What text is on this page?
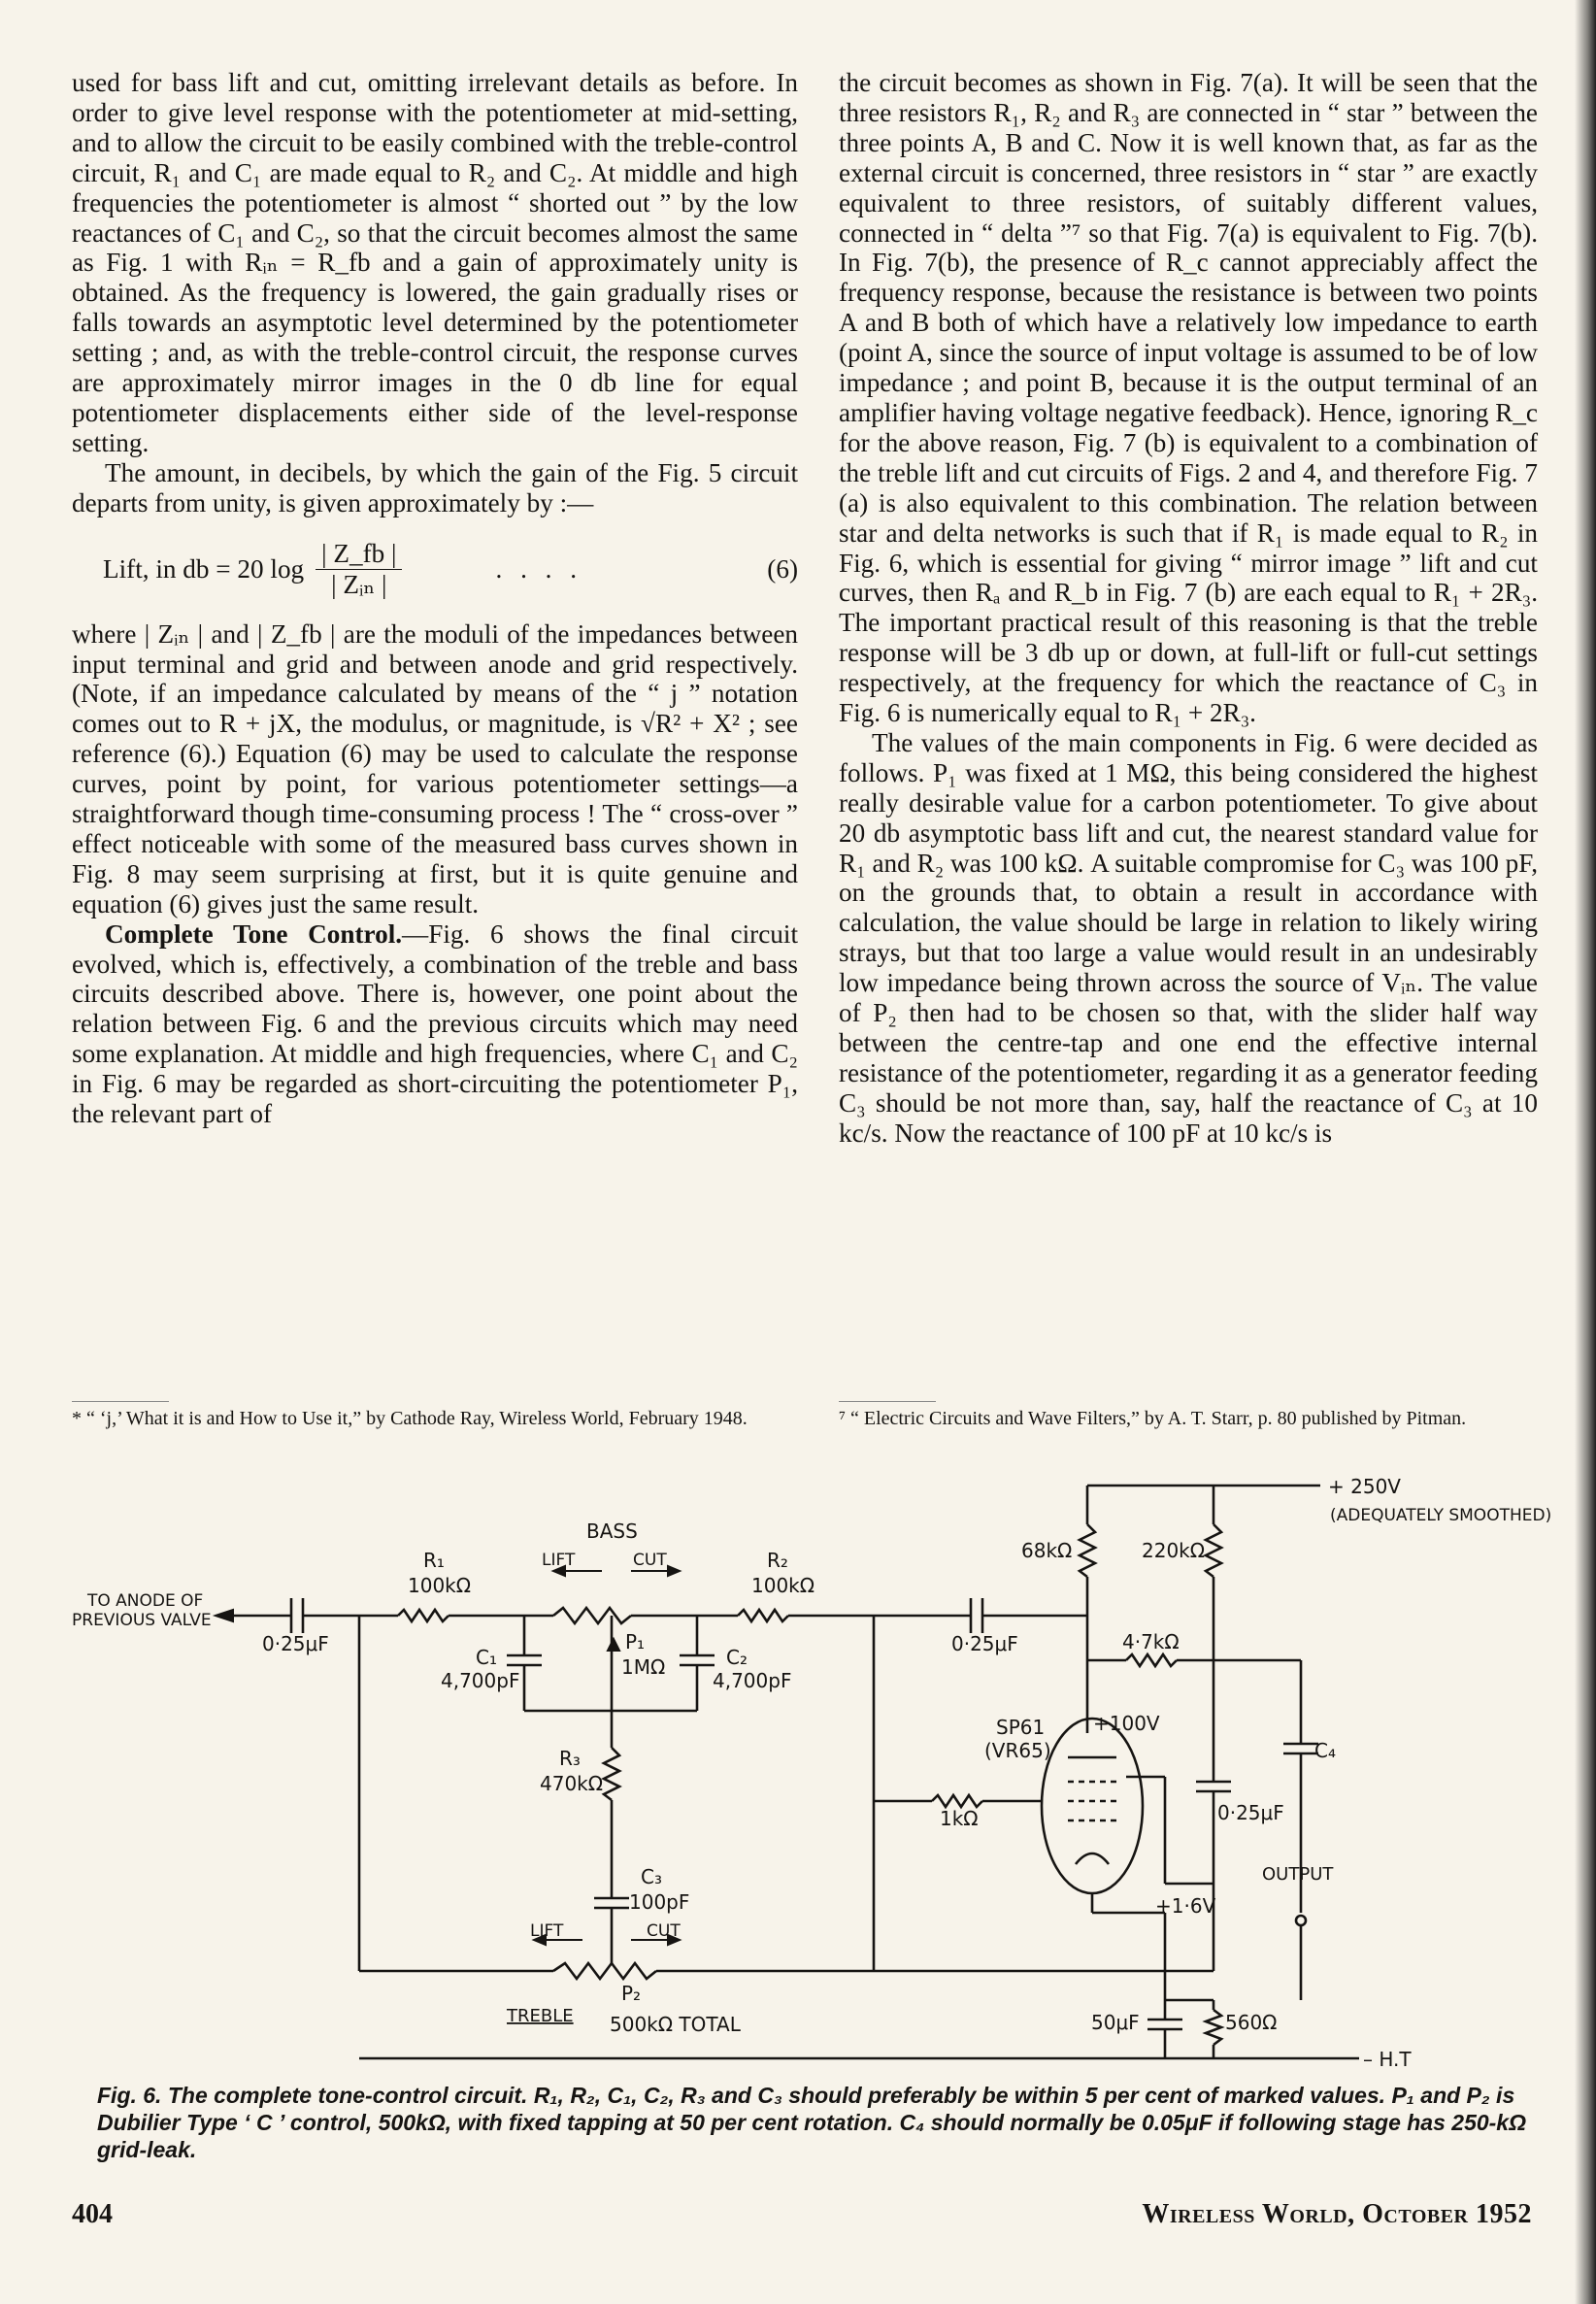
used for bass lift and cut, omitting irrelevant details as before. In order to give level response with the potentiometer at mid-setting, and to allow the circuit to be easily combined with the treble-control circuit, R₁ and C₁ are made equal to R₂ and C₂. At middle and high frequencies the potentiometer is almost “ shorted out ” by the low reactances of C₁ and C₂, so that the circuit becomes almost the same as Fig. 1 with Rᵢₙ = R_fb and a gain of approximately unity is obtained. As the frequency is lowered, the gain gradually rises or falls towards an asymptotic level determined by the potentiometer setting ; and, as with the treble-control circuit, the response curves are approximately mirror images in the 0 db line for equal potentiometer displacements either side of the level-response setting.

The amount, in decibels, by which the gain of the Fig. 5 circuit departs from unity, is given approximately by :—

Lift, in db = 20 $\log \frac{| Z\_fb |}{\text{| Zᵢₙ |}}$	. . . .	(6)

where | Zᵢₙ | and | Z_fb | are the moduli of the impedances between input terminal and grid and between anode and grid respectively. (Note, if an impedance calculated by means of the “ j ” notation comes out to R + jX, the modulus, or magnitude, is √R² + X² ; see reference (6).) Equation (6) may be used to calculate the response curves, point by point, for various potentiometer settings—a straightforward though time-consuming process ! The “ cross-over ” effect noticeable with some of the measured bass curves shown in Fig. 8 may seem surprising at first, but it is quite genuine and equation (6) gives just the same result.

Complete Tone Control.—Fig. 6 shows the final circuit evolved, which is, effectively, a combination of the treble and bass circuits described above. There is, however, one point about the relation between Fig. 6 and the previous circuits which may need some explanation. At middle and high frequencies, where C₁ and C₂ in Fig. 6 may be regarded as short-circuiting the potentiometer P₁, the relevant part of

the circuit becomes as shown in Fig. 7(a). It will be seen that the three resistors R₁, R₂ and R₃ are connected in “ star ” between the three points A, B and C. Now it is well known that, as far as the external circuit is concerned, three resistors in “ star ” are exactly equivalent to three resistors, of suitably different values, connected in “ delta ”⁷ so that Fig. 7(a) is equivalent to Fig. 7(b). In Fig. 7(b), the presence of R_c cannot appreciably affect the frequency response, because the resistance is between two points A and B both of which have a relatively low impedance to earth (point A, since the source of input voltage is assumed to be of low impedance ; and point B, because it is the output terminal of an amplifier having voltage negative feedback). Hence, ignoring R_c for the above reason, Fig. 7 (b) is equivalent to a combination of the treble lift and cut circuits of Figs. 2 and 4, and therefore Fig. 7 (a) is also equivalent to this combination. The relation between star and delta networks is such that if R₁ is made equal to R₂ in Fig. 6, which is essential for giving “ mirror image ” lift and cut curves, then Rₐ and R_b in Fig. 7 (b) are each equal to R₁ + 2R₃. The important practical result of this reasoning is that the treble response will be 3 db up or down, at full-lift or full-cut settings respectively, at the frequency for which the reactance of C₃ in Fig. 6 is numerically equal to R₁ + 2R₃.

The values of the main components in Fig. 6 were decided as follows. P₁ was fixed at 1 MΩ, this being considered the highest really desirable value for a carbon potentiometer. To give about 20 db asymptotic bass lift and cut, the nearest standard value for R₁ and R₂ was 100 kΩ. A suitable compromise for C₃ was 100 pF, on the grounds that, to obtain a result in accordance with calculation, the value should be large in relation to likely wiring strays, but that too large a value would result in an undesirably low impedance being thrown across the source of Vᵢₙ. The value of P₂ then had to be chosen so that, with the slider half way between the centre-tap and one end the effective internal resistance of the potentiometer, regarding it as a generator feeding C₃ should be not more than, say, half the reactance of C₃ at 10 kc/s. Now the reactance of 100 pF at 10 kc/s is

* “ ‘j,’ What it is and How to Use it,” by Cathode Ray, Wireless World, February 1948.	⁷ “ Electric Circuits and Wave Filters,” by A. T. Starr, p. 80 published by Pitman.
+ 250V
(ADEQUATELY SMOOTHED)
BASS
LIFT	CUT
R₁
100kΩ
R₂
100kΩ
TO ANODE OF
PREVIOUS VALVE
0·25μF
C₁
4,700pF
P₁
1MΩ	C₂
4,700pF
0·25μF
68kΩ	220kΩ
4·7kΩ
SP61
(VR65)
+100V
C₄
R₃
470kΩ
1kΩ	0·25μF
OUTPUT
C₃
100pF	+1·6V
LIFT	CUT
TREBLE
P₂
500kΩ TOTAL	50μF	560Ω
– H.T
Fig. 6. The complete tone-control circuit. R₁, R₂, C₁, C₂, R₃ and C₃ should preferably be within 5 per cent of marked values. P₁ and P₂ is Dubilier Type ‘ C ’ control, 500kΩ, with fixed tapping at 50 per cent rotation. C₄ should normally be 0.05μF if following stage has 250-kΩ grid-leak.
404	Wireless World, October 1952
